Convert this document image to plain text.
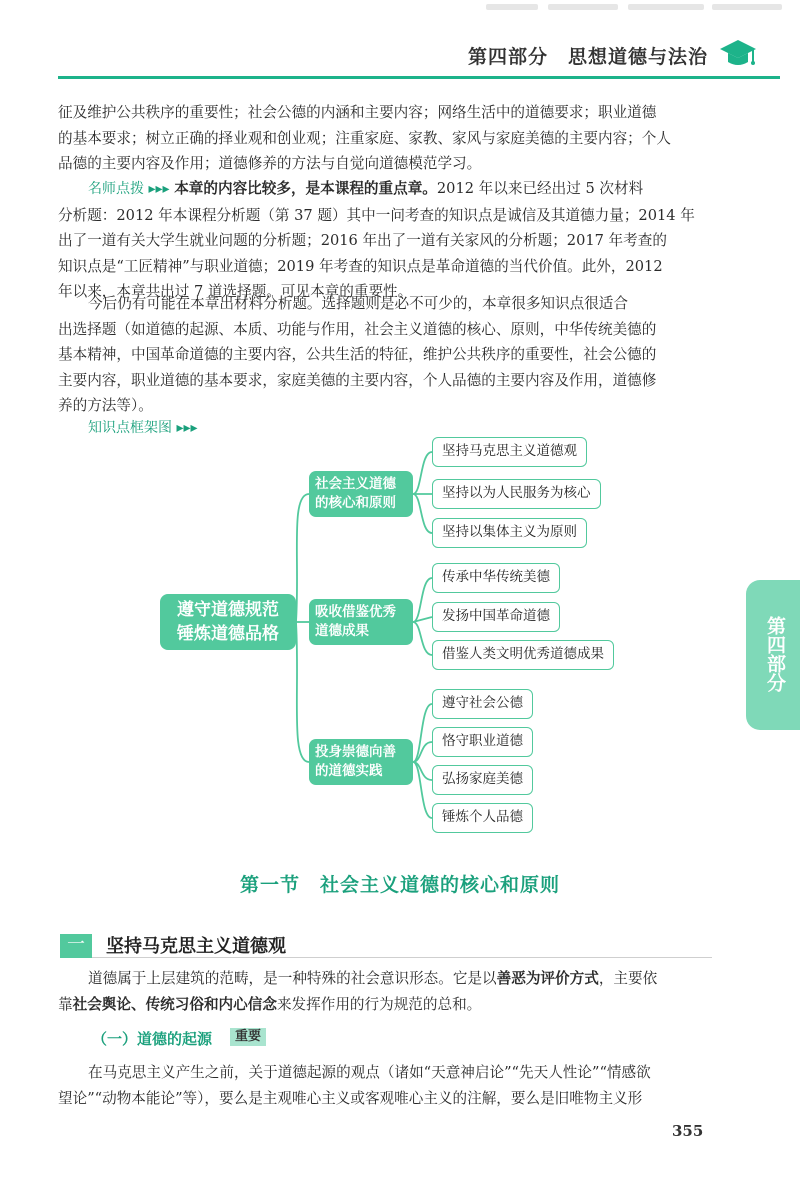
第四部分　思想道德与法治
征及维护公共秩序的重要性；社会公德的内涵和主要内容；网络生活中的道德要求；职业道德
的基本要求；树立正确的择业观和创业观；注重家庭、家教、家风与家庭美德的主要内容；个人
品德的主要内容及作用；道德修养的方法与自觉向道德模范学习。
名师点拨 ▸▸▸ 本章的内容比较多，是本课程的重点章。2012 年以来已经出过 5 次材料
分析题：2012 年本课程分析题（第 37 题）其中一问考查的知识点是诚信及其道德力量；2014 年
出了一道有关大学生就业问题的分析题；2016 年出了一道有关家风的分析题；2017 年考查的
知识点是“工匠精神”与职业道德；2019 年考查的知识点是革命道德的当代价值。此外，2012
年以来，本章共出过 7 道选择题。可见本章的重要性。
今后仍有可能在本章出材料分析题。选择题则是必不可少的，本章很多知识点很适合
出选择题（如道德的起源、本质、功能与作用，社会主义道德的核心、原则，中华传统美德的
基本精神，中国革命道德的主要内容，公共生活的特征，维护公共秩序的重要性，社会公德的
主要内容，职业道德的基本要求，家庭美德的主要内容，个人品德的主要内容及作用，道德修
养的方法等）。
知识点框架图 ▸▸▸
遵守道德规范
锤炼道德品格
社会主义道德
的核心和原则
吸收借鉴优秀
道德成果
投身崇德向善
的道德实践
坚持马克思主义道德观
坚持以为人民服务为核心
坚持以集体主义为原则
传承中华传统美德
发扬中国革命道德
借鉴人类文明优秀道德成果
遵守社会公德
恪守职业道德
弘扬家庭美德
锤炼个人品德
第四部分
第一节　社会主义道德的核心和原则
一	坚持马克思主义道德观
道德属于上层建筑的范畴，是一种特殊的社会意识形态。它是以善恶为评价方式，主要依
靠社会舆论、传统习俗和内心信念来发挥作用的行为规范的总和。
（一）道德的起源	重要
在马克思主义产生之前，关于道德起源的观点（诸如“天意神启论”“先天人性论”“情感欲
望论”“动物本能论”等），要么是主观唯心主义或客观唯心主义的注解，要么是旧唯物主义形
355
